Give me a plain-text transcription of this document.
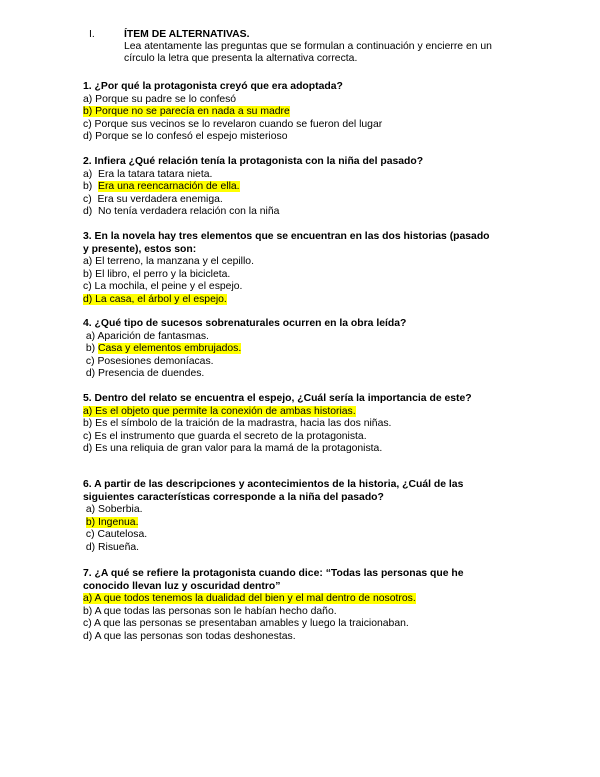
I.	ÍTEM DE ALTERNATIVAS.
Lea atentamente las preguntas que se formulan a continuación y encierre en un
círculo la letra que presenta la alternativa correcta.
1. ¿Por qué la protagonista creyó que era adoptada?
a) Porque su padre se lo confesó
b) Porque no se parecía en nada a su madre
c) Porque sus vecinos se lo revelaron cuando se fueron del lugar
d) Porque se lo confesó el espejo misterioso
2. Infiera ¿Qué relación tenía la protagonista con la niña del pasado?
a)  Era la tatara tatara nieta.
b)  Era una reencarnación de ella.
c)  Era su verdadera enemiga.
d)  No tenía verdadera relación con la niña
3. En la novela hay tres elementos que se encuentran en las dos historias (pasado
y presente), estos son:
a) El terreno, la manzana y el cepillo.
b) El libro, el perro y la bicicleta.
c) La mochila, el peine y el espejo.
d) La casa, el árbol y el espejo.
4. ¿Qué tipo de sucesos sobrenaturales ocurren en la obra leída?
a) Aparición de fantasmas.
b) Casa y elementos embrujados.
c) Posesiones demoníacas.
d) Presencia de duendes.
5. Dentro del relato se encuentra el espejo, ¿Cuál sería la importancia de este?
a) Es el objeto que permite la conexión de ambas historias.
b) Es el símbolo de la traición de la madrastra, hacia las dos niñas.
c) Es el instrumento que guarda el secreto de la protagonista.
d) Es una reliquia de gran valor para la mamá de la protagonista.
6. A partir de las descripciones y acontecimientos de la historia, ¿Cuál de las
siguientes características corresponde a la niña del pasado?
a) Soberbia.
b) Ingenua.
c) Cautelosa.
d) Risueña.
7. ¿A qué se refiere la protagonista cuando dice: “Todas las personas que he
conocido llevan luz y oscuridad dentro”
a) A que todos tenemos la dualidad del bien y el mal dentro de nosotros.
b) A que todas las personas son le habían hecho daño.
c) A que las personas se presentaban amables y luego la traicionaban.
d) A que las personas son todas deshonestas.
